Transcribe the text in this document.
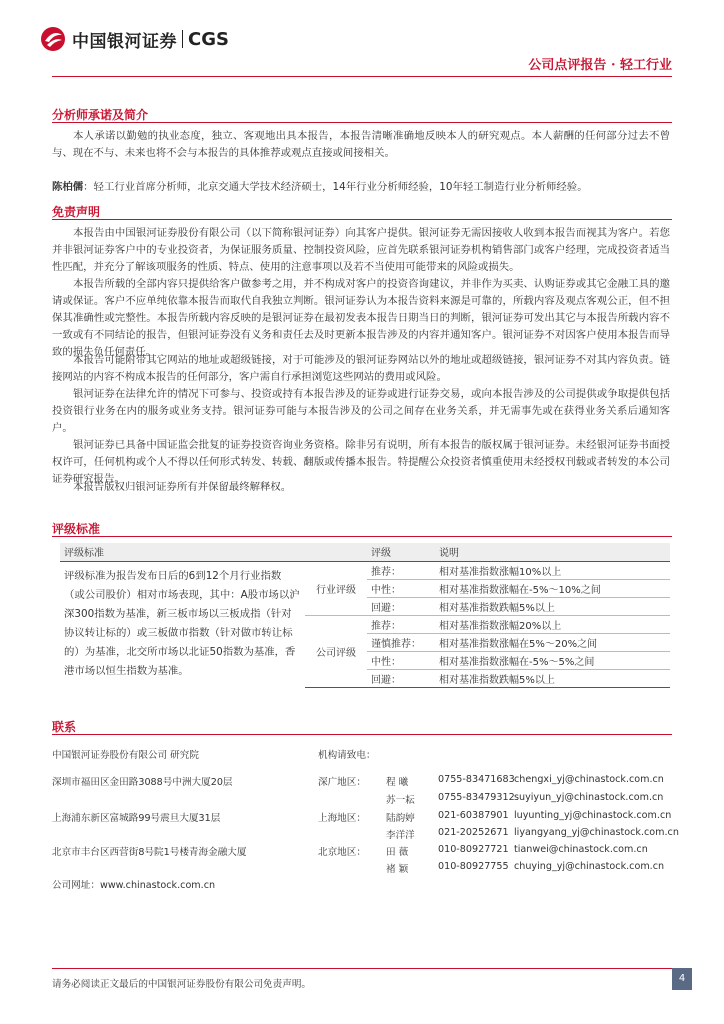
中国银河证券 CGS
公司点评报告 · 轻工行业
分析师承诺及简介

本人承诺以勤勉的执业态度，独立、客观地出具本报告，本报告清晰准确地反映本人的研究观点。本人薪酬的任何部分过去不曾与、现在不与、未来也将不会与本报告的具体推荐或观点直接或间接相关。

陈柏儒：轻工行业首席分析师，北京交通大学技术经济硕士，14年行业分析师经验，10年轻工制造行业分析师经验。

免责声明

本报告由中国银河证券股份有限公司（以下简称银河证券）向其客户提供。银河证券无需因接收人收到本报告而视其为客户。若您并非银河证券客户中的专业投资者，为保证服务质量、控制投资风险，应首先联系银河证券机构销售部门或客户经理，完成投资者适当性匹配，并充分了解该项服务的性质、特点、使用的注意事项以及若不当使用可能带来的风险或损失。

本报告所载的全部内容只提供给客户做参考之用，并不构成对客户的投资咨询建议，并非作为买卖、认购证券或其它金融工具的邀请或保证。客户不应单纯依靠本报告而取代自我独立判断。银河证券认为本报告资料来源是可靠的，所载内容及观点客观公正，但不担保其准确性或完整性。本报告所载内容反映的是银河证券在最初发表本报告日期当日的判断，银河证券可发出其它与本报告所载内容不一致或有不同结论的报告，但银河证券没有义务和责任去及时更新本报告涉及的内容并通知客户。银河证券不对因客户使用本报告而导致的损失负任何责任。

本报告可能附带其它网站的地址或超级链接，对于可能涉及的银河证券网站以外的地址或超级链接，银河证券不对其内容负责。链接网站的内容不构成本报告的任何部分，客户需自行承担浏览这些网站的费用或风险。

银河证券在法律允许的情况下可参与、投资或持有本报告涉及的证券或进行证券交易，或向本报告涉及的公司提供或争取提供包括投资银行业务在内的服务或业务支持。银河证券可能与本报告涉及的公司之间存在业务关系，并无需事先或在获得业务关系后通知客户。

银河证券已具备中国证监会批复的证券投资咨询业务资格。除非另有说明，所有本报告的版权属于银河证券。未经银河证券书面授权许可，任何机构或个人不得以任何形式转发、转载、翻版或传播本报告。特提醒公众投资者慎重使用未经授权刊载或者转发的本公司证券研究报告。

本报告版权归银河证券所有并保留最终解释权。

评级标准
评级标准		评级	说明
评级标准为报告发布日后的6到12个月行业指数（或公司股价）相对市场表现，其中：A股市场以沪深300指数为基准，新三板市场以三板成指（针对协议转让标的）或三板做市指数（针对做市转让标的）为基准，北交所市场以北证50指数为基准，香港市场以恒生指数为基准。	行业评级	推荐：	相对基准指数涨幅10%以上
		中性：	相对基准指数涨幅在-5%～10%之间
		回避：	相对基准指数跌幅5%以上
	公司评级	推荐：	相对基准指数涨幅20%以上
		谨慎推荐：	相对基准指数涨幅在5%～20%之间
		中性：	相对基准指数涨幅在-5%～5%之间
		回避：	相对基准指数跌幅5%以上
联系
中国银河证券股份有限公司 研究院	机构请致电：
深圳市福田区金田路3088号中洲大厦20层	深广地区：
上海浦东新区富城路99号震旦大厦31层	上海地区：
北京市丰台区西营街8号院1号楼青海金融大厦	北京地区：
程 曦	0755-83471683 chengxi_yj@chinastock.com.cn
苏一耘 0755-83479312 suyiyun_yj@chinastock.com.cn
陆韵婷 021-60387901 luyunting_yj@chinastock.com.cn
李洋洋 021-20252671 liyangyang_yj@chinastock.com.cn
田 薇	010-80927721 tianwei@chinastock.com.cn
褚 颖	010-80927755 chuying_yj@chinastock.com.cn
公司网址：www.chinastock.com.cn
请务必阅读正文最后的中国银河证券股份有限公司免责声明。
4
